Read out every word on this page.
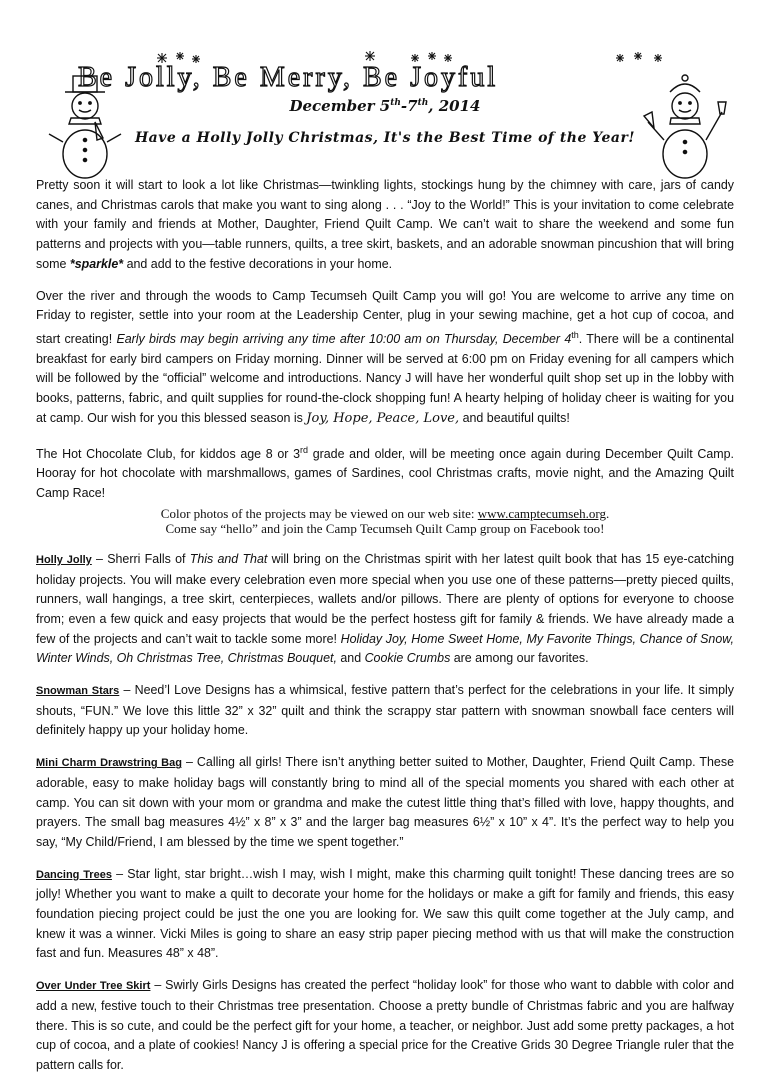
Be Jolly, Be Merry, Be Joyful
December 5th-7th, 2014
Have a Holly Jolly Christmas, It's the Best Time of the Year!

Pretty soon it will start to look a lot like Christmas—twinkling lights, stockings hung by the chimney with care, jars of candy canes, and Christmas carols that make you want to sing along . . . “Joy to the World!” This is your invitation to come celebrate with your family and friends at Mother, Daughter, Friend Quilt Camp. We can’t wait to share the weekend and some fun patterns and projects with you—table runners, quilts, a tree skirt, baskets, and an adorable snowman pincushion that will bring some *sparkle* and add to the festive decorations in your home.

Over the river and through the woods to Camp Tecumseh Quilt Camp you will go! You are welcome to arrive any time on Friday to register, settle into your room at the Leadership Center, plug in your sewing machine, get a hot cup of cocoa, and start creating! Early birds may begin arriving any time after 10:00 am on Thursday, December 4th. There will be a continental breakfast for early bird campers on Friday morning. Dinner will be served at 6:00 pm on Friday evening for all campers which will be followed by the “official” welcome and introductions. Nancy J will have her wonderful quilt shop set up in the lobby with books, patterns, fabric, and quilt supplies for round-the-clock shopping fun! A hearty helping of holiday cheer is waiting for you at camp. Our wish for you this blessed season is Joy, Hope, Peace, Love, and beautiful quilts!

The Hot Chocolate Club, for kiddos age 8 or 3rd grade and older, will be meeting once again during December Quilt Camp. Hooray for hot chocolate with marshmallows, games of Sardines, cool Christmas crafts, movie night, and the Amazing Quilt Camp Race!

Color photos of the projects may be viewed on our web site: www.camptecumseh.org.
Come say “hello” and join the Camp Tecumseh Quilt Camp group on Facebook too!

Holly Jolly – Sherri Falls of This and That will bring on the Christmas spirit with her latest quilt book that has 15 eye-catching holiday projects. You will make every celebration even more special when you use one of these patterns—pretty pieced quilts, runners, wall hangings, a tree skirt, centerpieces, wallets and/or pillows. There are plenty of options for everyone to choose from; even a few quick and easy projects that would be the perfect hostess gift for family & friends. We have already made a few of the projects and can’t wait to tackle some more! Holiday Joy, Home Sweet Home, My Favorite Things, Chance of Snow, Winter Winds, Oh Christmas Tree, Christmas Bouquet, and Cookie Crumbs are among our favorites.

Snowman Stars – Need’l Love Designs has a whimsical, festive pattern that’s perfect for the celebrations in your life. It simply shouts, “FUN.” We love this little 32” x 32” quilt and think the scrappy star pattern with snowman snowball face centers will definitely happy up your holiday home.

Mini Charm Drawstring Bag – Calling all girls! There isn’t anything better suited to Mother, Daughter, Friend Quilt Camp. These adorable, easy to make holiday bags will constantly bring to mind all of the special moments you shared with each other at camp. You can sit down with your mom or grandma and make the cutest little thing that’s filled with love, happy thoughts, and prayers. The small bag measures 4½” x 8” x 3” and the larger bag measures 6½” x 10” x 4”. It’s the perfect way to help you say, “My Child/Friend, I am blessed by the time we spent together.”

Dancing Trees – Star light, star bright…wish I may, wish I might, make this charming quilt tonight! These dancing trees are so jolly! Whether you want to make a quilt to decorate your home for the holidays or make a gift for family and friends, this easy foundation piecing project could be just the one you are looking for. We saw this quilt come together at the July camp, and knew it was a winner. Vicki Miles is going to share an easy strip paper piecing method with us that will make the construction fast and fun. Measures 48” x 48”.

Over Under Tree Skirt – Swirly Girls Designs has created the perfect “holiday look” for those who want to dabble with color and add a new, festive touch to their Christmas tree presentation. Choose a pretty bundle of Christmas fabric and you are halfway there. This is so cute, and could be the perfect gift for your home, a teacher, or neighbor. Just add some pretty packages, a hot cup of cocoa, and a plate of cookies! Nancy J is offering a special price for the Creative Grids 30 Degree Triangle ruler that the pattern calls for.
